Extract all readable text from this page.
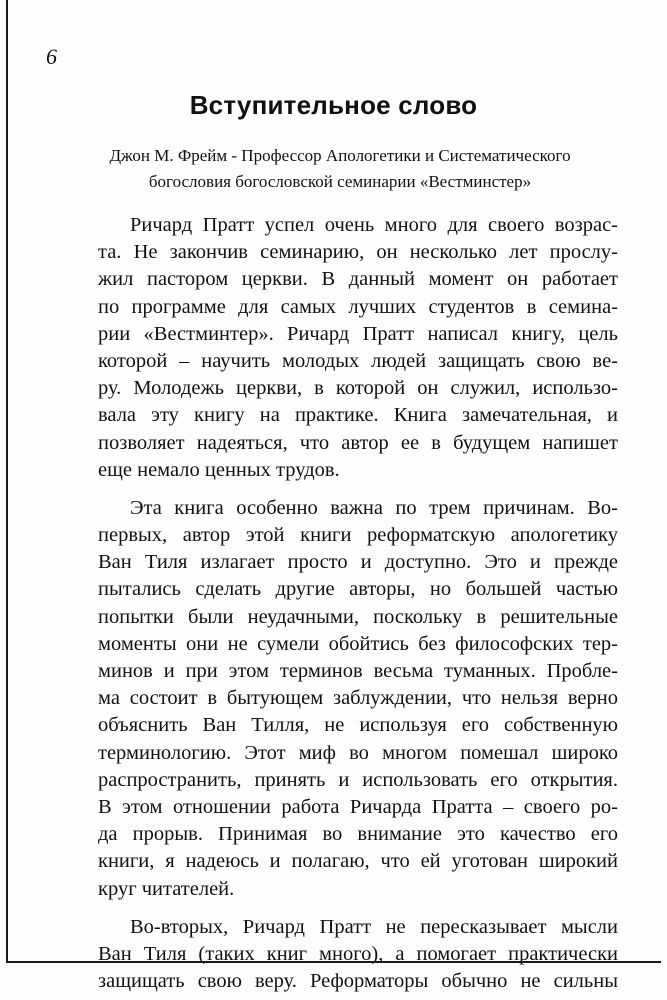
6
Вступительное слово
Джон М. Фрейм - Профессор Апологетики и Систематического
богословия богословской семинарии «Вестминстер»
Ричард Пратт успел очень много для своего возрас-
та. Не закончив семинарию, он несколько лет прослу-
жил пастором церкви. В данный момент он работает
по программе для самых лучших студентов в семина-
рии «Вестминтер». Ричард Пратт написал книгу, цель
которой – научить молодых людей защищать свою ве-
ру. Молодежь церкви, в которой он служил, использо-
вала эту книгу на практике. Книга замечательная, и
позволяет надеяться, что автор ее в будущем напишет
еще немало ценных трудов.
Эта книга особенно важна по трем причинам. Во-
первых, автор этой книги реформатскую апологетику
Ван Тиля излагает просто и доступно. Это и прежде
пытались сделать другие авторы, но большей частью
попытки были неудачными, поскольку в решительные
моменты они не сумели обойтись без философских тер-
минов и при этом терминов весьма туманных. Пробле-
ма состоит в бытующем заблуждении, что нельзя верно
объяснить Ван Тилля, не используя его собственную
терминологию. Этот миф во многом помешал широко
распространить, принять и использовать его открытия.
В этом отношении работа Ричарда Пратта – своего ро-
да прорыв. Принимая во внимание это качество его
книги, я надеюсь и полагаю, что ей уготован широкий
круг читателей.
Во-вторых, Ричард Пратт не пересказывает мысли
Ван Тиля (таких книг много), а помогает практически
защищать свою веру. Реформаторы обычно не сильны
